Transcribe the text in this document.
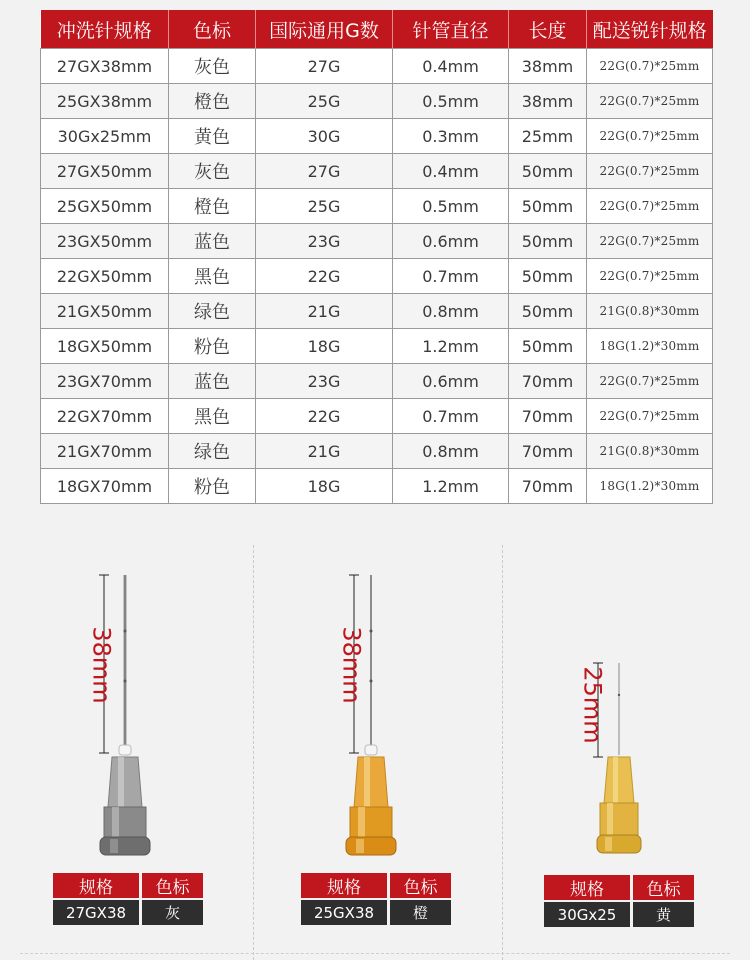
冲洗针规格	色标	国际通用G数	针管直径	长度	配送锐针规格
27GX38mm	灰色	27G	0.4mm	38mm	22G(0.7)*25mm
25GX38mm	橙色	25G	0.5mm	38mm	22G(0.7)*25mm
30Gx25mm	黄色	30G	0.3mm	25mm	22G(0.7)*25mm
27GX50mm	灰色	27G	0.4mm	50mm	22G(0.7)*25mm
25GX50mm	橙色	25G	0.5mm	50mm	22G(0.7)*25mm
23GX50mm	蓝色	23G	0.6mm	50mm	22G(0.7)*25mm
22GX50mm	黑色	22G	0.7mm	50mm	22G(0.7)*25mm
21GX50mm	绿色	21G	0.8mm	50mm	21G(0.8)*30mm
18GX50mm	粉色	18G	1.2mm	50mm	18G(1.2)*30mm
23GX70mm	蓝色	23G	0.6mm	70mm	22G(0.7)*25mm
22GX70mm	黑色	22G	0.7mm	70mm	22G(0.7)*25mm
21GX70mm	绿色	21G	0.8mm	70mm	21G(0.8)*30mm
18GX70mm	粉色	18G	1.2mm	70mm	18G(1.2)*30mm
38mm
规格	色标
27GX38	灰
38mm
规格	色标
25GX38	橙
25mm
规格	色标
30Gx25	黄
